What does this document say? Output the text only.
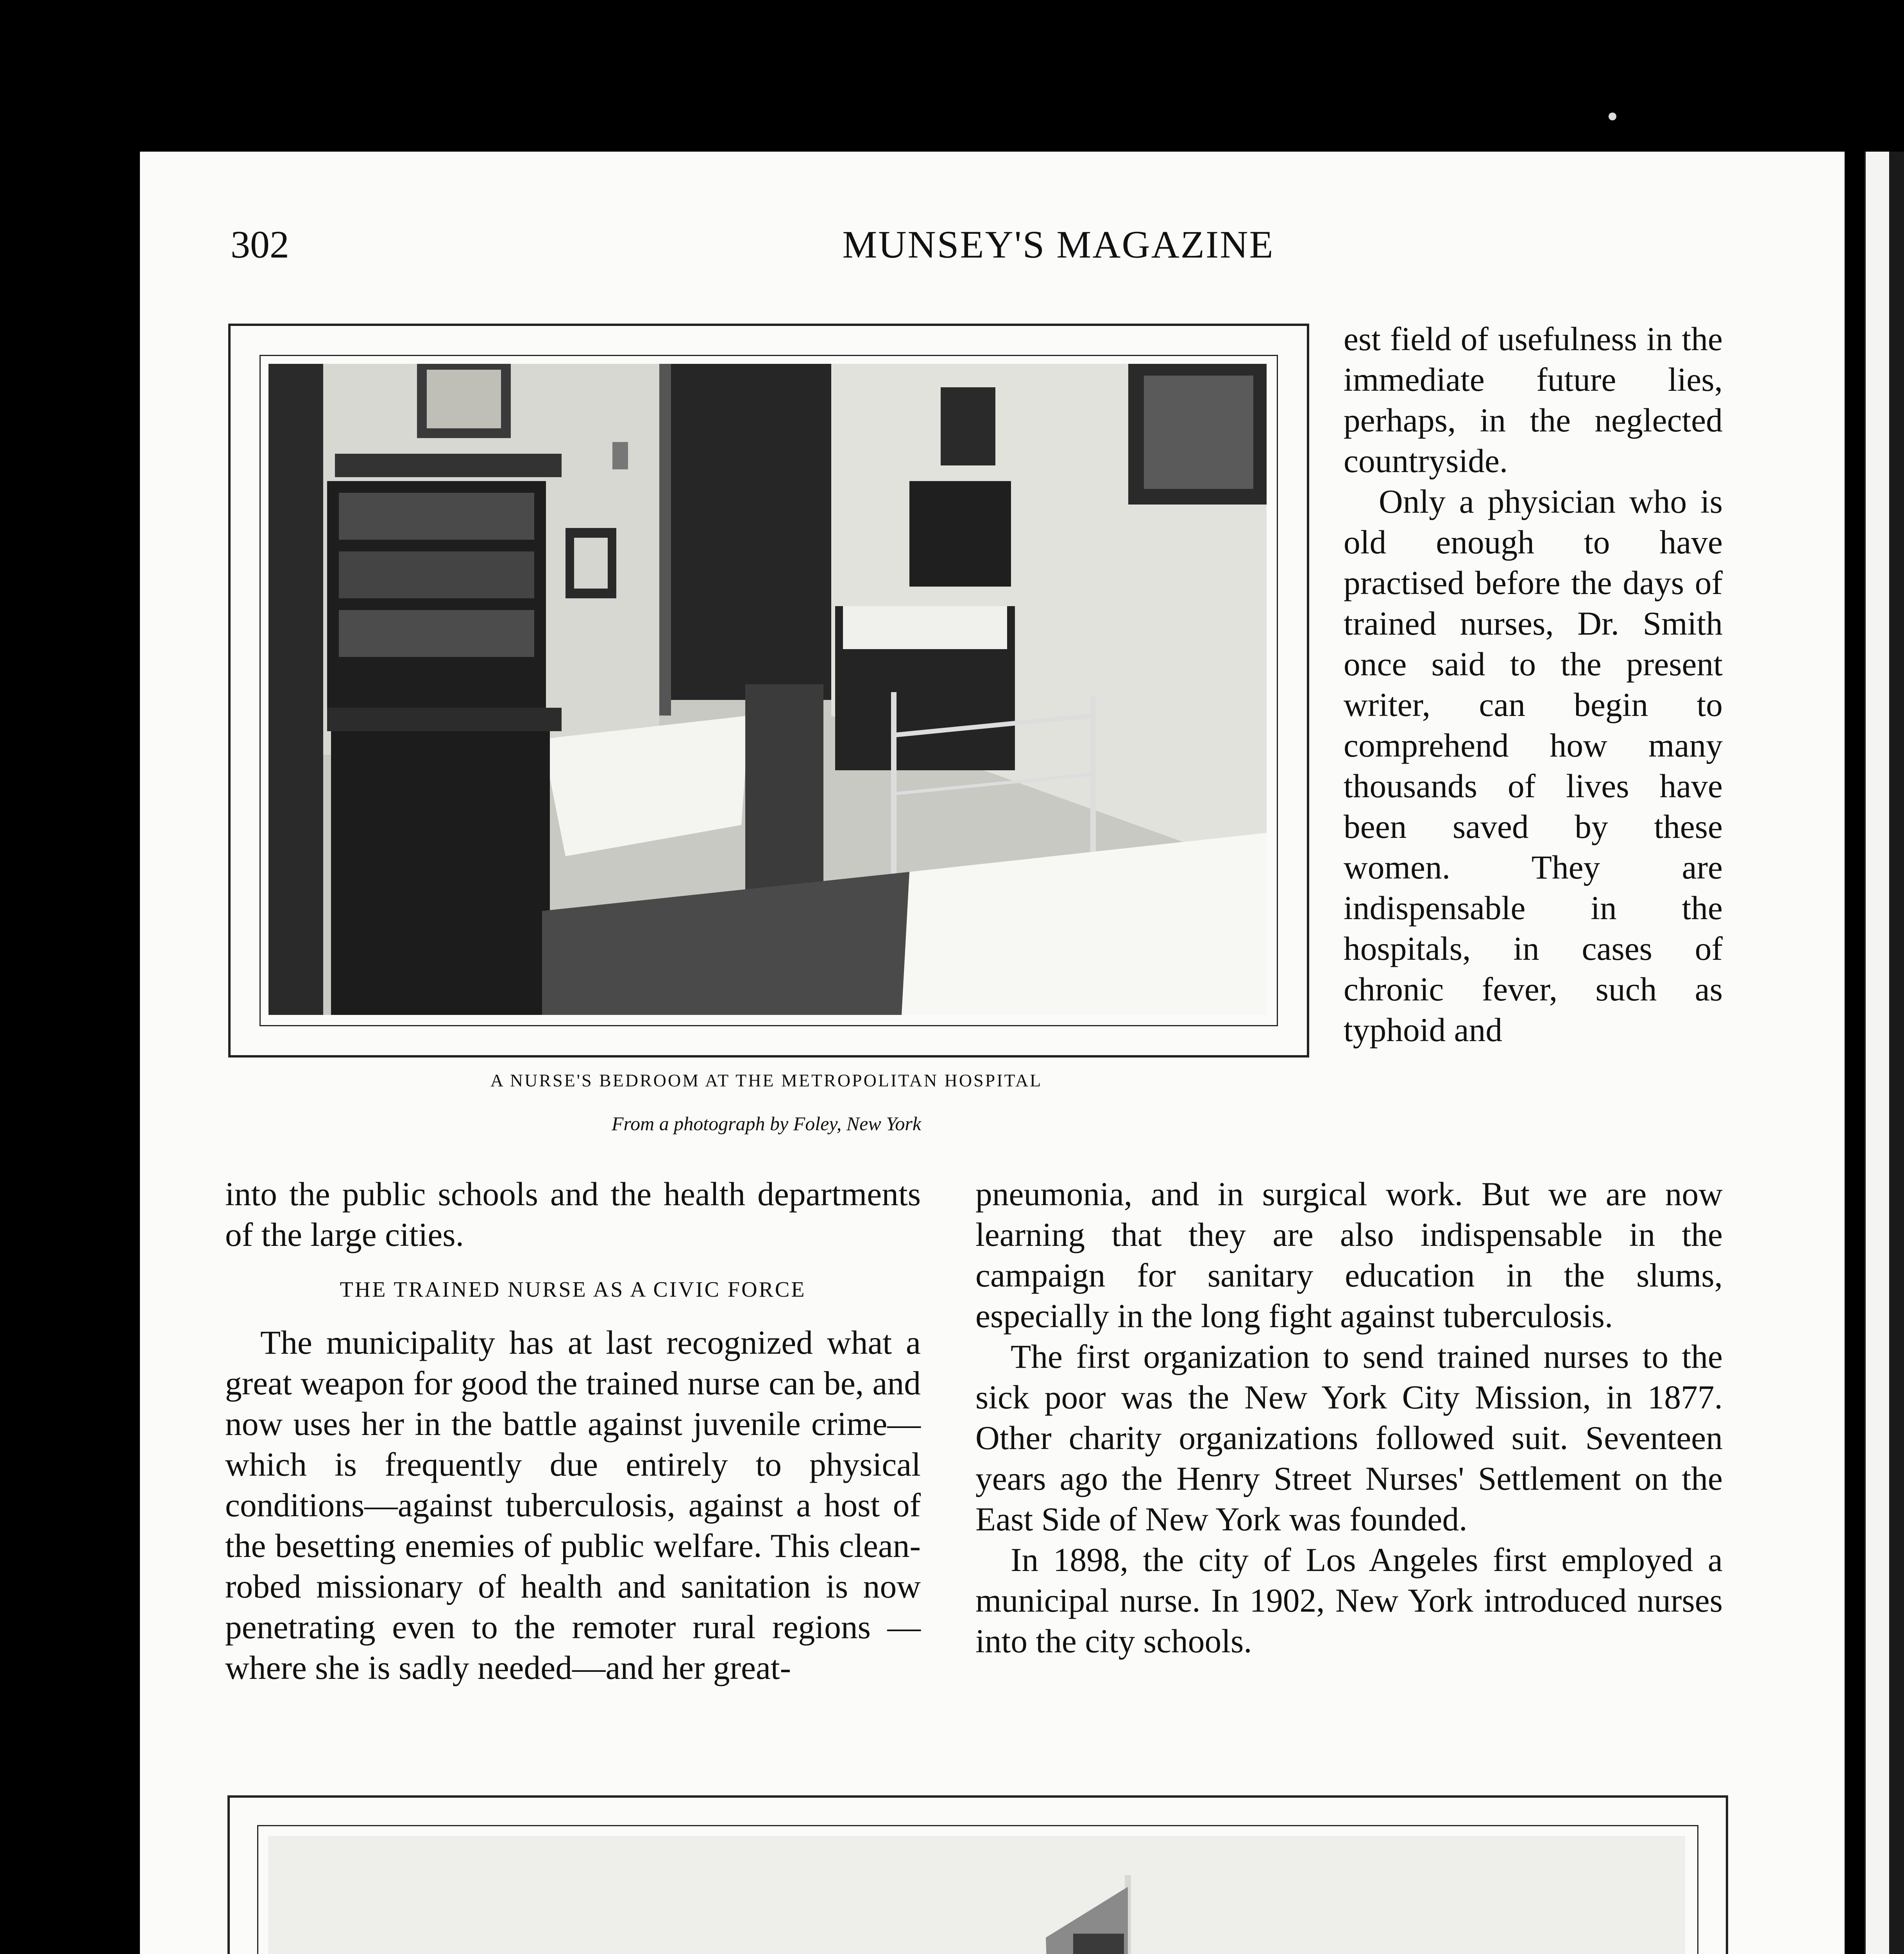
302	MUNSEY'S MAGAZINE
A NURSE'S BEDROOM AT THE METROPOLITAN HOSPITAL
From a photograph by Foley, New York

est field of usefulness in the immediate future lies, perhaps, in the neglected countryside.

Only a physician who is old enough to have practised before the days of trained nurses, Dr. Smith once said to the present writer, can begin to comprehend how many thousands of lives have been saved by these women. They are indispensable in the hospitals, in cases of chronic fever, such as typhoid and

into the public schools and the health departments of the large cities.

THE TRAINED NURSE AS A CIVIC FORCE

The municipality has at last recognized what a great weapon for good the trained nurse can be, and now uses her in the battle against juvenile crime—which is frequently due entirely to physical conditions—against tuberculosis, against a host of the besetting enemies of public welfare. This clean-robed missionary of health and sanitation is now penetrating even to the remoter rural regions —where she is sadly needed—and her great-

pneumonia, and in surgical work. But we are now learning that they are also indispensable in the campaign for sanitary education in the slums, especially in the long fight against tuberculosis.

The first organization to send trained nurses to the sick poor was the New York City Mission, in 1877. Other charity organizations followed suit. Seventeen years ago the Henry Street Nurses' Settlement on the East Side of New York was founded.

In 1898, the city of Los Angeles first employed a municipal nurse. In 1902, New York introduced nurses into the city schools.
